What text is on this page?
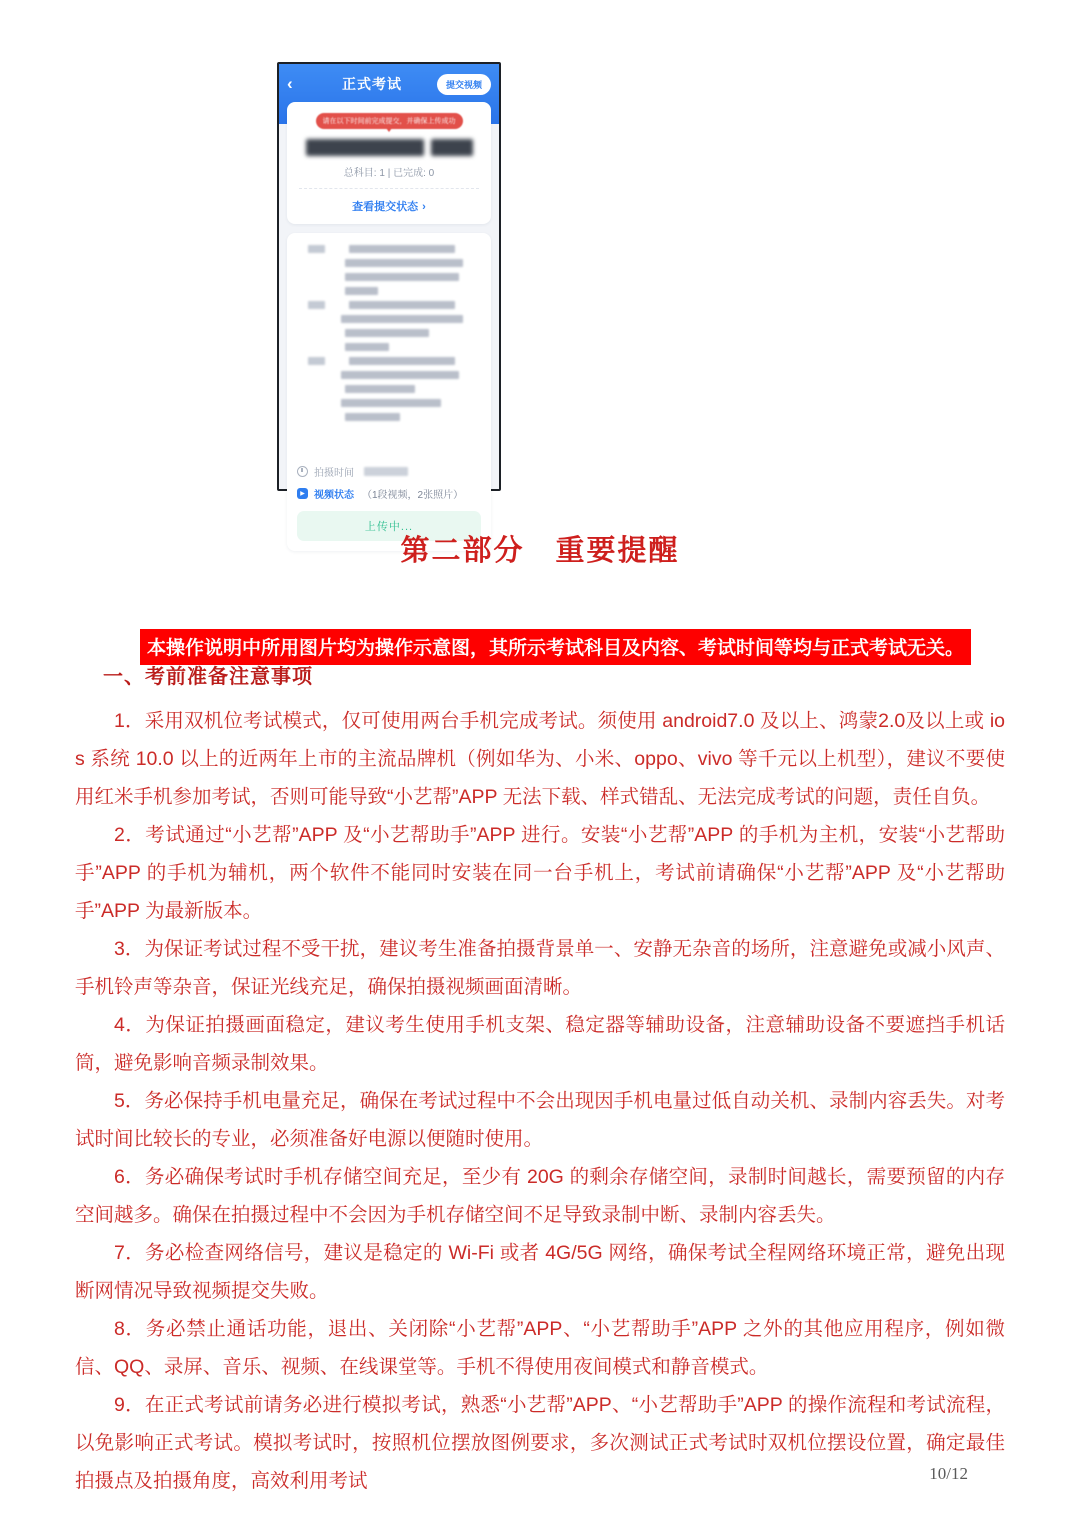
‹	正式考试	提交视频
请在以下时间前完成提交，并确保上传成功
总科目: 1 | 已完成: 0
查看提交状态 ›
拍摄时间
▶ 视频状态 （1段视频，2张照片）
上传中...
第二部分　重要提醒
本操作说明中所用图片均为操作示意图，其所示考试科目及内容、考试时间等均与正式考试无关。
一、考前准备注意事项

1．采用双机位考试模式，仅可使用两台手机完成考试。须使用 android7.0 及以上、鸿蒙2.0及以上或 ios 系统 10.0 以上的近两年上市的主流品牌机（例如华为、小米、oppo、vivo 等千元以上机型），建议不要使用红米手机参加考试，否则可能导致“小艺帮”APP 无法下载、样式错乱、无法完成考试的问题，责任自负。

2．考试通过“小艺帮”APP 及“小艺帮助手”APP 进行。安装“小艺帮”APP 的手机为主机，安装“小艺帮助手”APP 的手机为辅机，两个软件不能同时安装在同一台手机上，考试前请确保“小艺帮”APP 及“小艺帮助手”APP 为最新版本。

3．为保证考试过程不受干扰，建议考生准备拍摄背景单一、安静无杂音的场所，注意避免或减小风声、手机铃声等杂音，保证光线充足，确保拍摄视频画面清晰。

4．为保证拍摄画面稳定，建议考生使用手机支架、稳定器等辅助设备，注意辅助设备不要遮挡手机话筒，避免影响音频录制效果。

5．务必保持手机电量充足，确保在考试过程中不会出现因手机电量过低自动关机、录制内容丢失。对考试时间比较长的专业，必须准备好电源以便随时使用。

6．务必确保考试时手机存储空间充足，至少有 20G 的剩余存储空间，录制时间越长，需要预留的内存空间越多。确保在拍摄过程中不会因为手机存储空间不足导致录制中断、录制内容丢失。

7．务必检查网络信号，建议是稳定的 Wi-Fi 或者 4G/5G 网络，确保考试全程网络环境正常，避免出现断网情况导致视频提交失败。

8．务必禁止通话功能，退出、关闭除“小艺帮”APP、“小艺帮助手”APP 之外的其他应用程序，例如微信、QQ、录屏、音乐、视频、在线课堂等。手机不得使用夜间模式和静音模式。

9．在正式考试前请务必进行模拟考试，熟悉“小艺帮”APP、“小艺帮助手”APP 的操作流程和考试流程，以免影响正式考试。模拟考试时，按照机位摆放图例要求，多次测试正式考试时双机位摆设位置，确定最佳拍摄点及拍摄角度，高效利用考试	10/12
